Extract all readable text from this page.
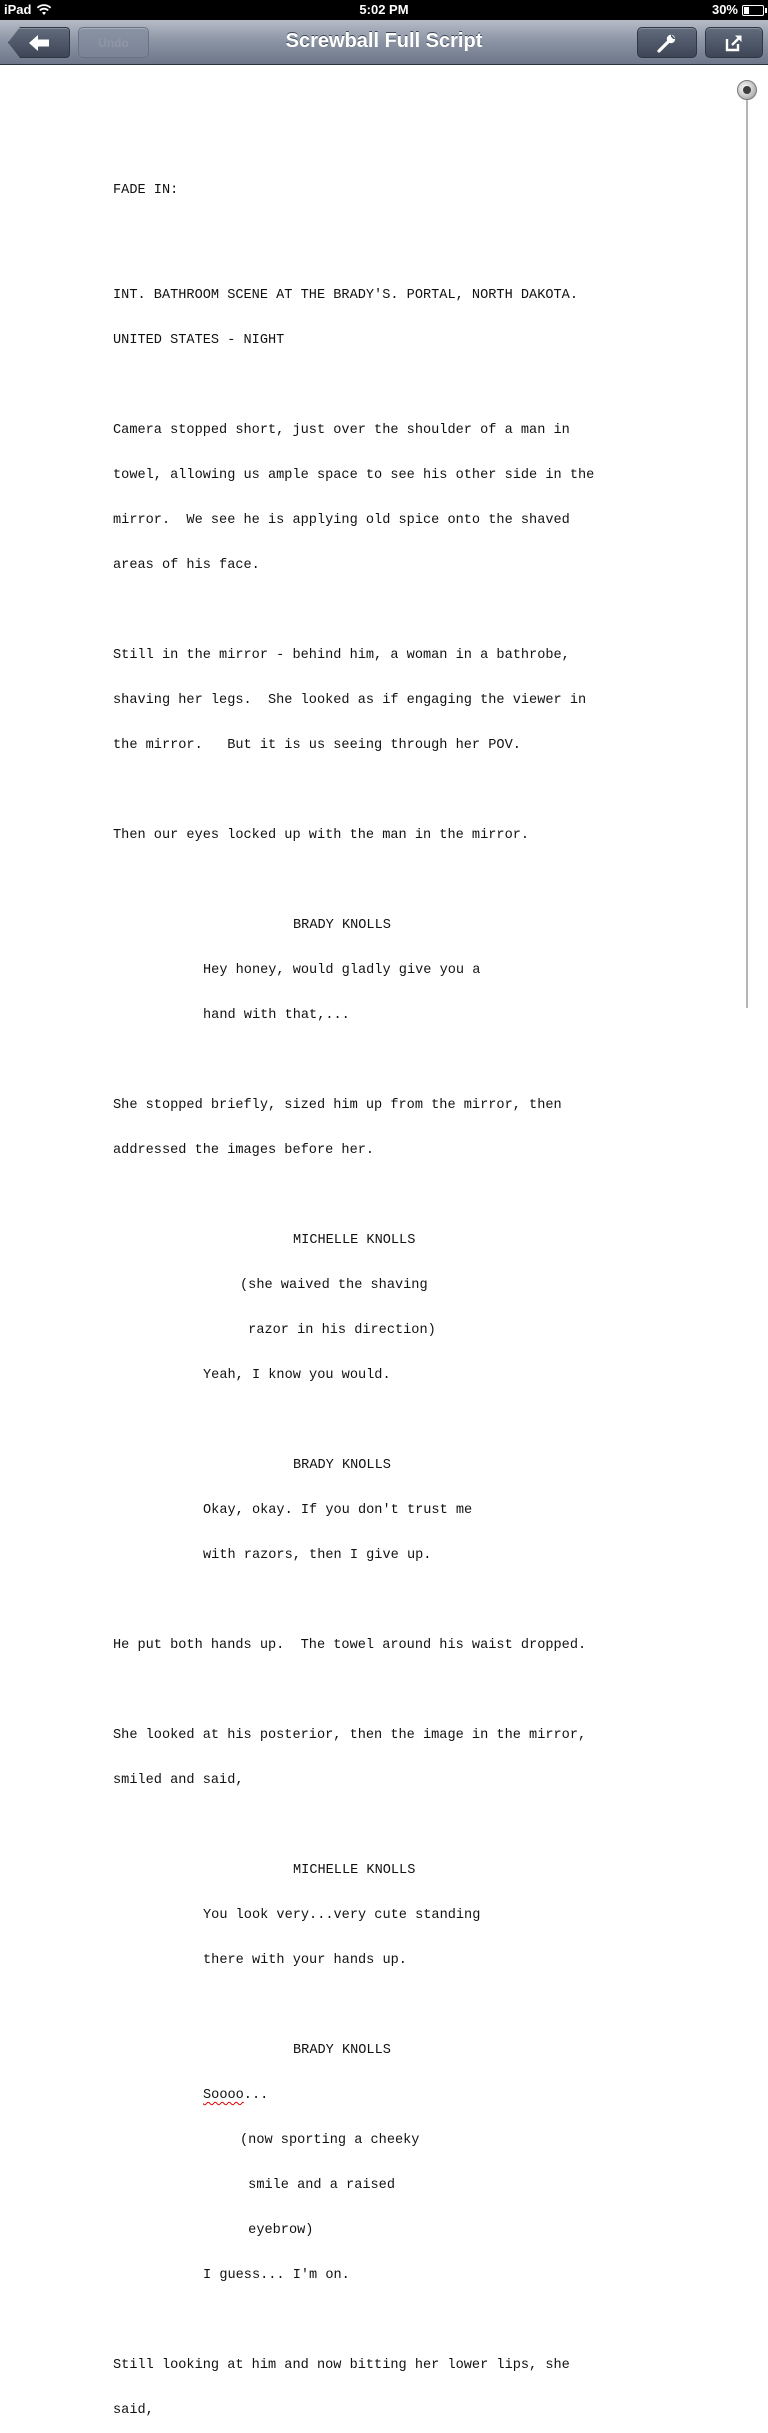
iPad	5:02 PM	30%
Undo	Screwball Full Script

FADE IN:

INT. BATHROOM SCENE AT THE BRADY'S. PORTAL, NORTH DAKOTA.

UNITED STATES - NIGHT

Camera stopped short, just over the shoulder of a man in

towel, allowing us ample space to see his other side in the

mirror.  We see he is applying old spice onto the shaved

areas of his face.

Still in the mirror - behind him, a woman in a bathrobe,

shaving her legs.  She looked as if engaging the viewer in

the mirror.   But it is us seeing through her POV.

Then our eyes locked up with the man in the mirror.

BRADY KNOLLS

Hey honey, would gladly give you a

hand with that,...

She stopped briefly, sized him up from the mirror, then

addressed the images before her.

MICHELLE KNOLLS

(she waived the shaving

razor in his direction)

Yeah, I know you would.

BRADY KNOLLS

Okay, okay. If you don't trust me

with razors, then I give up.

He put both hands up.  The towel around his waist dropped.

She looked at his posterior, then the image in the mirror,

smiled and said,

MICHELLE KNOLLS

You look very...very cute standing

there with your hands up.

BRADY KNOLLS

Soooo...

(now sporting a cheeky

smile and a raised

eyebrow)

I guess... I'm on.

Still looking at him and now bitting her lower lips, she

said,
